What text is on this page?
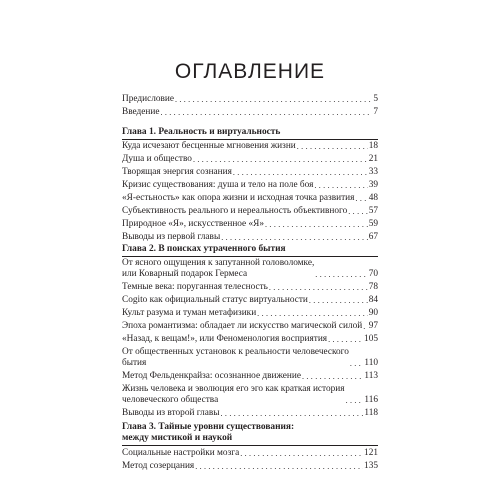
ОГЛАВЛЕНИЕ
Предисловие . . .	5
Введение . . .	7
Глава 1. Реальность и виртуальность
Куда исчезают бесценные мгновения жизни . . .	18
Душа и общество . . .	21
Творящая энергия сознания . . .	33
Кризис существования: душа и тело на поле боя . . .	39
«Я-естьность» как опора жизни и исходная точка развития . . . 48
Субъективность реального и нереальность объективного . . . 57
Природное «Я», искусственное «Я» . . .	59
Выводы из первой главы . . .	67
Глава 2. В поисках утраченного бытия
От ясного ощущения к запутанной головоломке,
или Коварный подарок Гермеса . . .	70
Темные века: поруганная телесность . . .	78
Cogito как официальный статус виртуальности . . .	84
Культ разума и туман метафизики . . .	90
Эпоха романтизма: обладает ли искусство магической силой . . . 97
«Назад, к вещам!», или Феноменология восприятия . . .	105
От общественных установок к реальности человеческого
бытия . . .	110
Метод Фельденкрайза: осознанное движение . . .	113
Жизнь человека и эволюция его эго как краткая история
человеческого общества . . .	116
Выводы из второй главы . . .	118
Глава 3. Тайные уровни существования:
между мистикой и наукой
Социальные настройки мозга . . .	121
Метод созерцания . . .	135
